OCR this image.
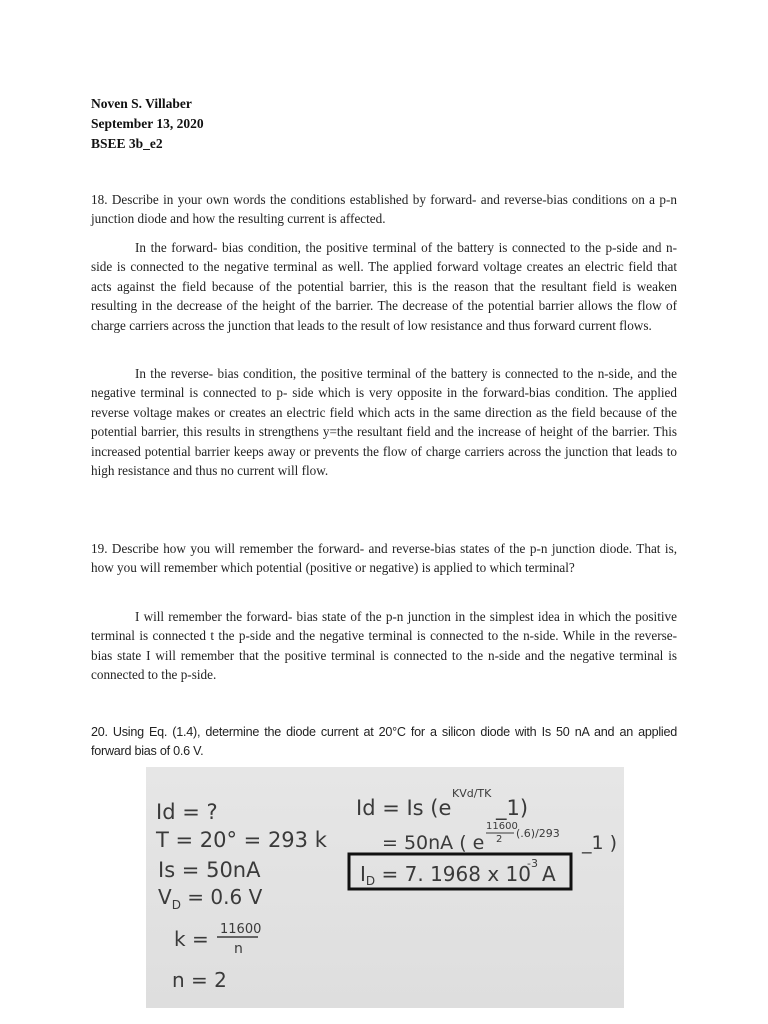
Noven S. Villaber
September 13, 2020
BSEE 3b_e2

18. Describe in your own words the conditions established by forward- and reverse-bias conditions on a p-n junction diode and how the resulting current is affected.

In the forward- bias condition, the positive terminal of the battery is connected to the p-side and n- side is connected to the negative terminal as well. The applied forward voltage creates an electric field that acts against the field because of the potential barrier, this is the reason that the resultant field is weaken resulting in the decrease of the height of the barrier. The decrease of the potential barrier allows the flow of charge carriers across the junction that leads to the result of low resistance and thus forward current flows.

In the reverse- bias condition, the positive terminal of the battery is connected to the n-side, and the negative terminal is connected to p- side which is very opposite in the forward-bias condition. The applied reverse voltage makes or creates an electric field which acts in the same direction as the field because of the potential barrier, this results in strengthens y=the resultant field and the increase of height of the barrier. This increased potential barrier keeps away or prevents the flow of charge carriers across the junction that leads to high resistance and thus no current will flow.

19. Describe how you will remember the forward- and reverse-bias states of the p-n junction diode. That is, how you will remember which potential (positive or negative) is applied to which terminal?

I will remember the forward- bias state of the p-n junction in the simplest idea in which the positive terminal is connected t the p-side and the negative terminal is connected to the n-side. While in the reverse- bias state I will remember that the positive terminal is connected to the n-side and the negative terminal is connected to the p-side.

20. Using Eq. (1.4), determine the diode current at 20°C for a silicon diode with Is 50 nA and an applied forward bias of 0.6 V.

Id = ?
T = 20° = 293 k
Is = 50nA
$V_D = 0.6$ V
k = 11600
n
n = 2
Id = Is (e
KVd/TK
_1)
= 50nA ( e
11600
2 (.6)/293 _1 )
$I_D = 7$. 1968 x 10
-3 A
